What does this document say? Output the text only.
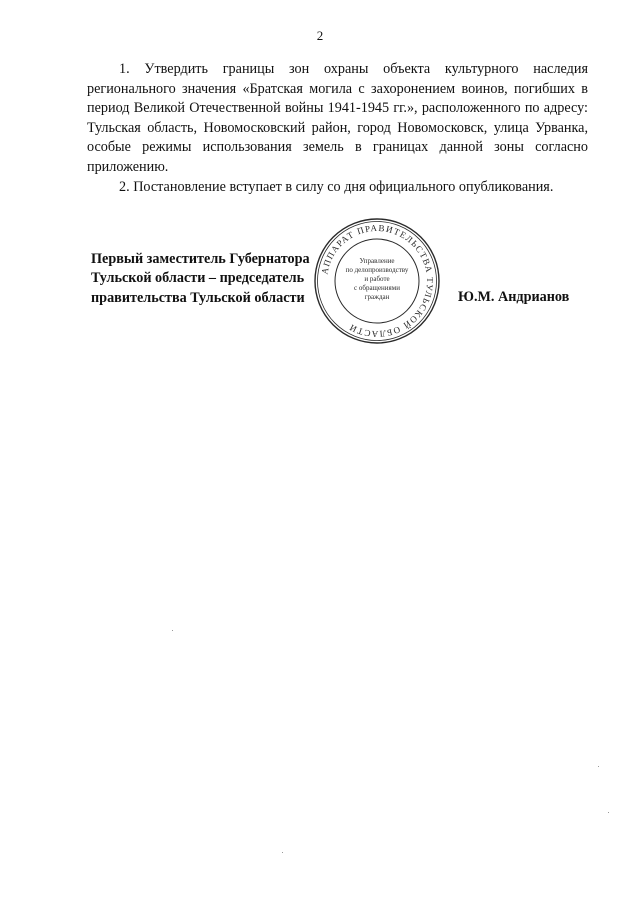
2

1. Утвердить границы зон охраны объекта культурного наследия регионального значения «Братская могила с захоронением воинов, погибших в период Великой Отечественной войны 1941-1945 гг.», расположенного по адресу: Тульская область, Новомосковский район, город Новомосковск, улица Урванка, особые режимы использования земель в границах данной зоны согласно приложению.

2. Постановление вступает в силу со дня официального опубликования.

Первый заместитель Губернатора
Тульской области – председатель
правительства Тульской области	Ю.М. Андрианов
АППАРАТ ПРАВИТЕЛЬСТВА ТУЛЬСКОЙ ОБЛАСТИ
Управление
по делопроизводству
и работе
с обращениями
граждан
